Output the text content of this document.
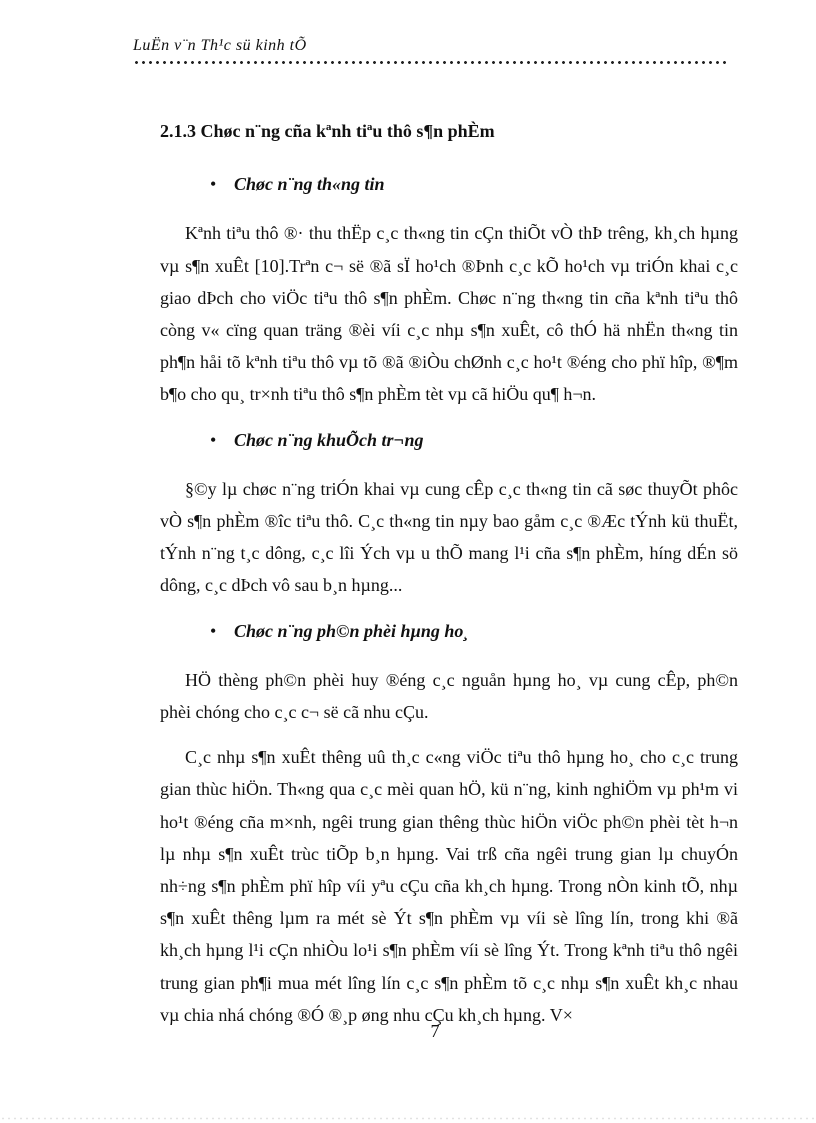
LuËn v¨n Th¹c sü kinh tÕ
2.1.3 Chøc n¨ng cña kªnh tiªu thô s¶n phÈm
• Chøc n¨ng th«ng tin

Kªnh tiªu thô ®· thu thËp c¸c th«ng tin cÇn thiÕt vÒ thÞ trêng, kh¸ch hµng vµ s¶n xuÊt [10].Trªn c¬ së ®ã sÏ ho¹ch ®Þnh c¸c kÕ ho¹ch vµ triÓn khai c¸c giao dÞch cho viÖc tiªu thô s¶n phÈm. Chøc n¨ng th«ng tin cña kªnh tiªu thô còng v« cïng quan träng ®èi víi c¸c nhµ s¶n xuÊt, cô thÓ hä nhËn th«ng tin ph¶n håi tõ kªnh tiªu thô vµ tõ ®ã ®iÒu chØnh c¸c ho¹t ®éng cho phï hîp, ®¶m b¶o cho qu¸ tr×nh tiªu thô s¶n phÈm tèt vµ cã hiÖu qu¶ h¬n.

• Chøc n¨ng khuÕch tr¬ng

§©y lµ chøc n¨ng triÓn khai vµ cung cÊp c¸c th«ng tin cã søc thuyÕt phôc vÒ s¶n phÈm ®îc tiªu thô. C¸c th«ng tin nµy bao gåm c¸c ®Æc tÝnh kü thuËt, tÝnh n¨ng t¸c dông, c¸c lîi Ých vµ u thÕ mang l¹i cña s¶n phÈm, híng dÉn sö dông, c¸c dÞch vô sau b¸n hµng...

• Chøc n¨ng ph©n phèi hµng ho¸

HÖ thèng ph©n phèi huy ®éng c¸c nguån hµng ho¸ vµ cung cÊp, ph©n phèi chóng cho c¸c c¬ së cã nhu cÇu.

C¸c nhµ s¶n xuÊt thêng uû th¸c c«ng viÖc tiªu thô hµng ho¸ cho c¸c trung gian thùc hiÖn. Th«ng qua c¸c mèi quan hÖ, kü n¨ng, kinh nghiÖm vµ ph¹m vi ho¹t ®éng cña m×nh, ngêi trung gian thêng thùc hiÖn viÖc ph©n phèi tèt h¬n lµ nhµ s¶n xuÊt trùc tiÕp b¸n hµng. Vai trß cña ngêi trung gian lµ chuyÓn nh÷ng s¶n phÈm phï hîp víi yªu cÇu cña kh¸ch hµng. Trong nÒn kinh tÕ, nhµ s¶n xuÊt thêng lµm ra mét sè Ýt s¶n phÈm vµ víi sè lîng lín, trong khi ®ã kh¸ch hµng l¹i cÇn nhiÒu lo¹i s¶n phÈm víi sè lîng Ýt. Trong kªnh tiªu thô ngêi trung gian ph¶i mua mét lîng lín c¸c s¶n phÈm tõ c¸c nhµ s¶n xuÊt kh¸c nhau vµ chia nhá chóng ®Ó ®¸p øng nhu cÇu kh¸ch hµng. V×

7
